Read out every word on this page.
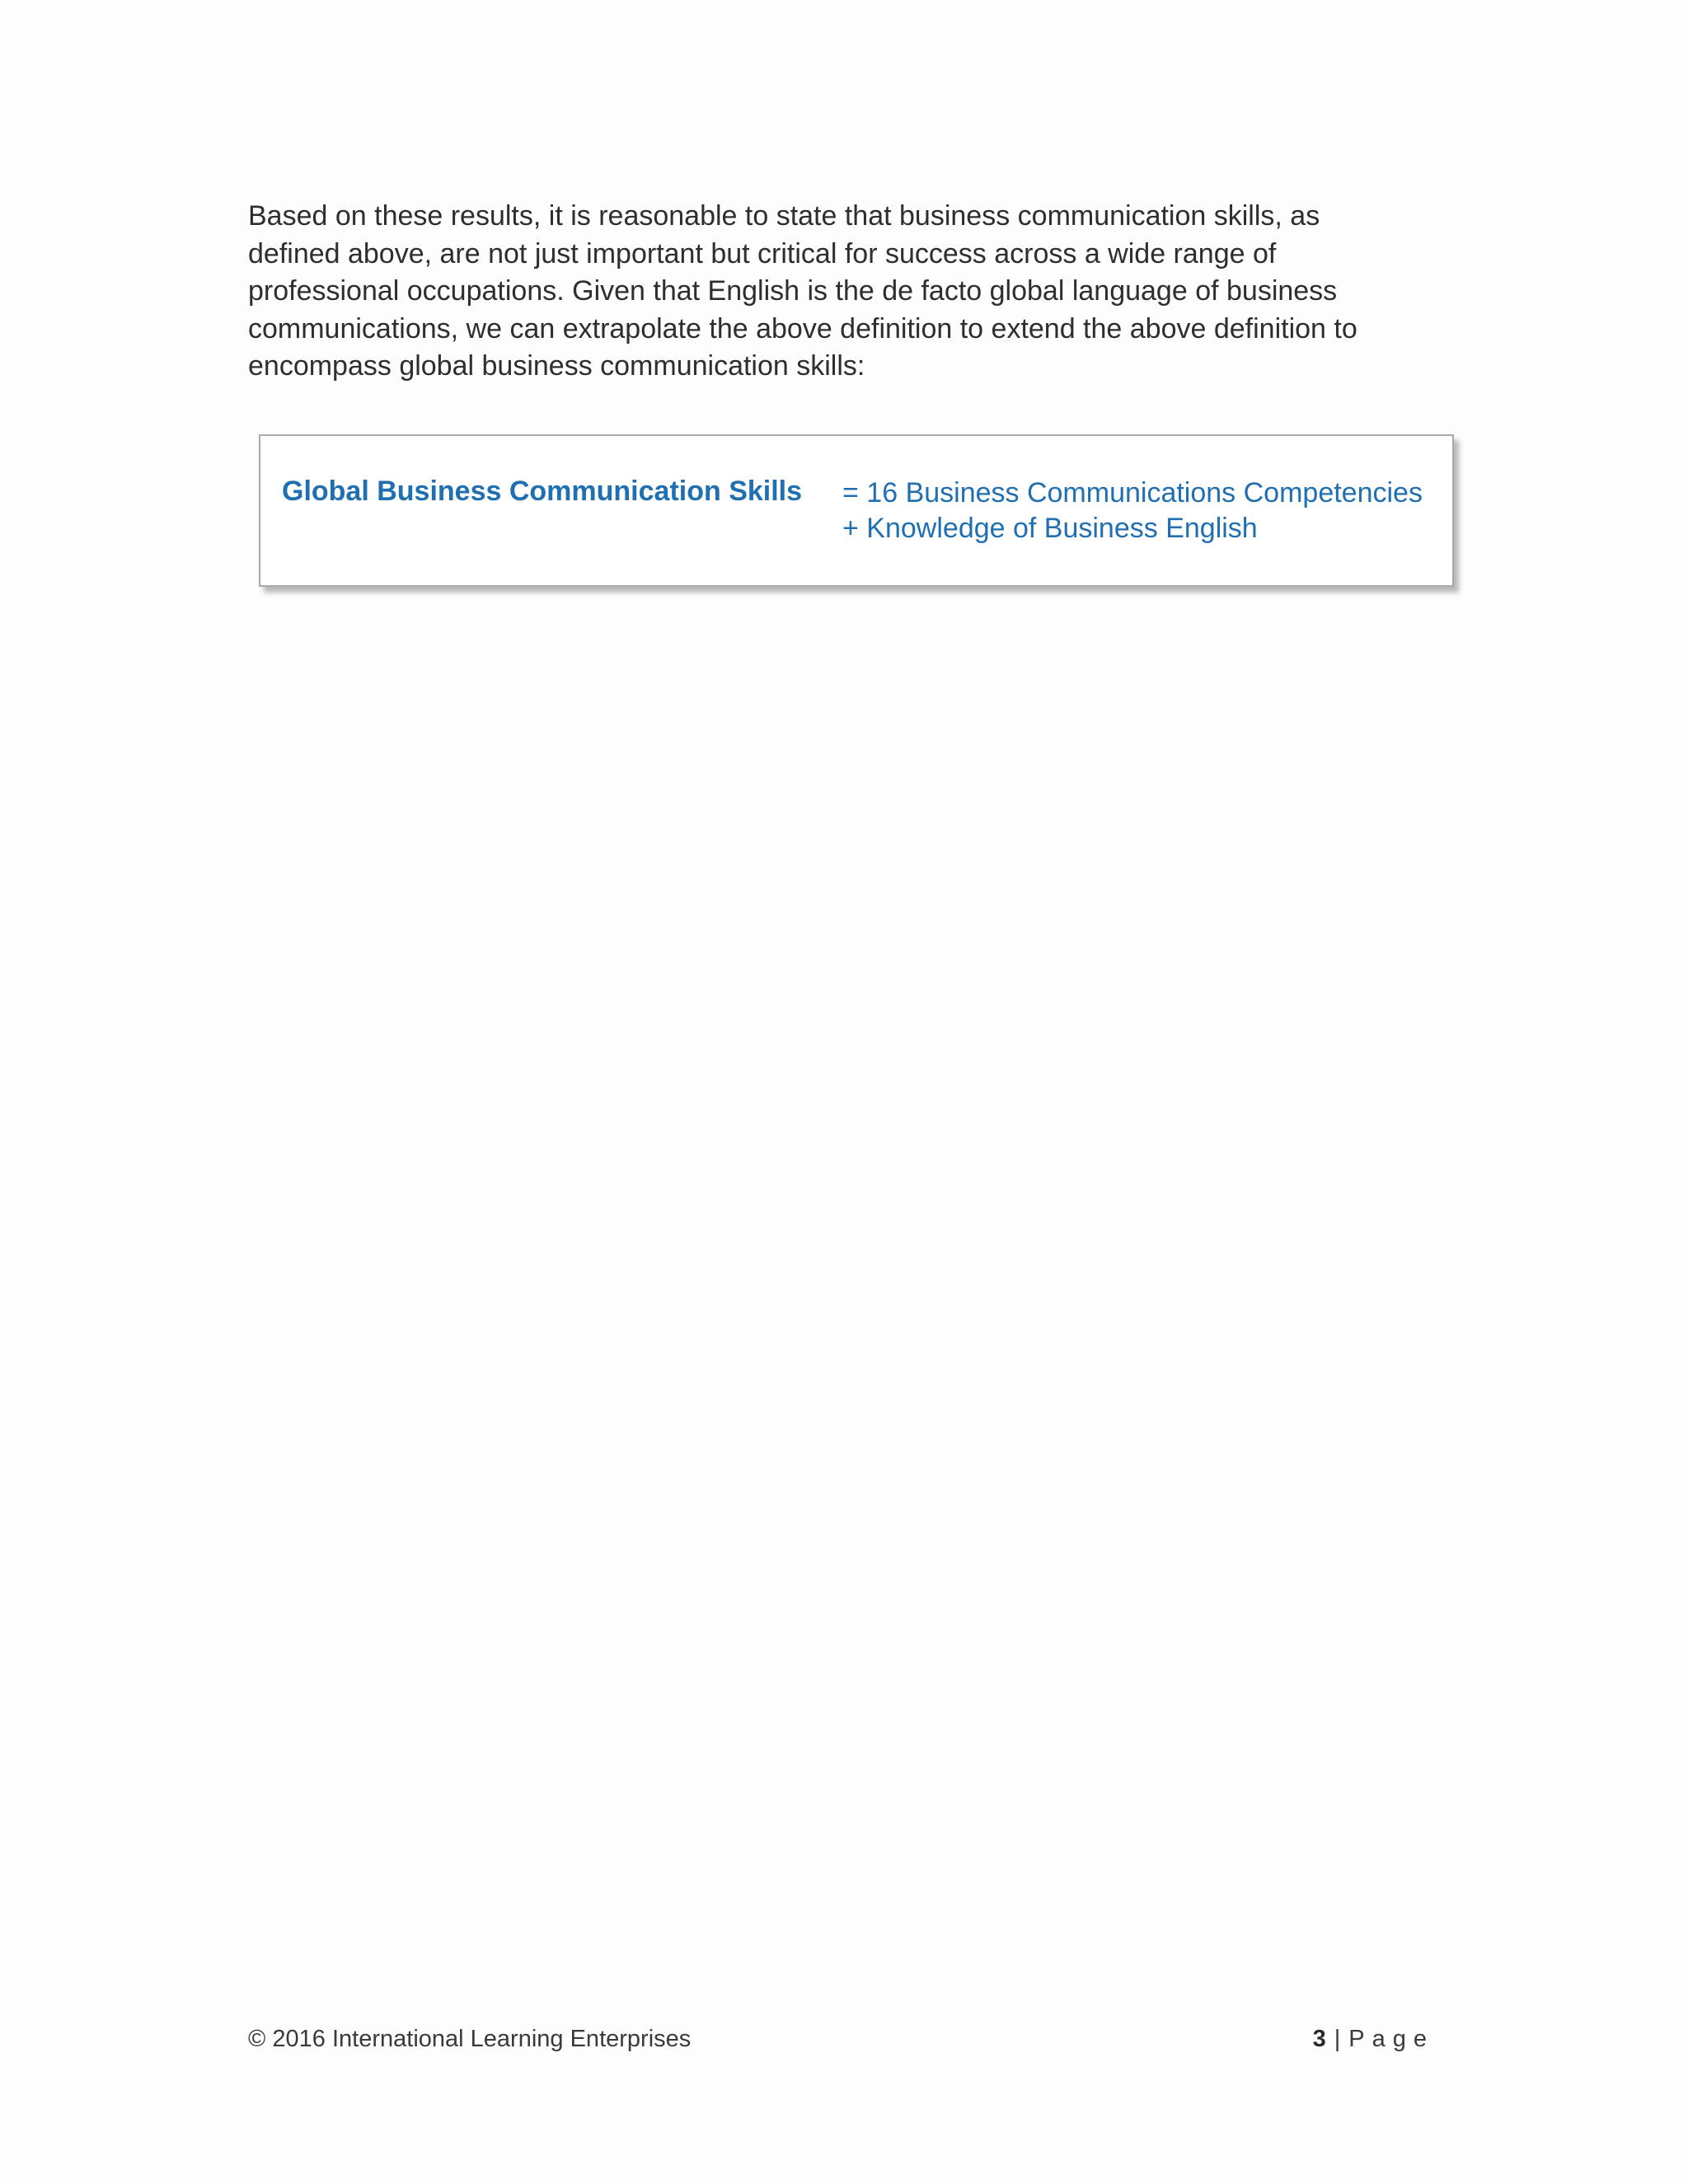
Based on these results, it is reasonable to state that business communication skills, as
defined above, are not just important but critical for success across a wide range of
professional occupations. Given that English is the de facto global language of business
communications, we can extrapolate the above definition to extend the above definition to
encompass global business communication skills:

Global Business Communication Skills = 16 Business Communications Competencies
+ Knowledge of Business English
© 2016 International Learning Enterprises	3 | Page
